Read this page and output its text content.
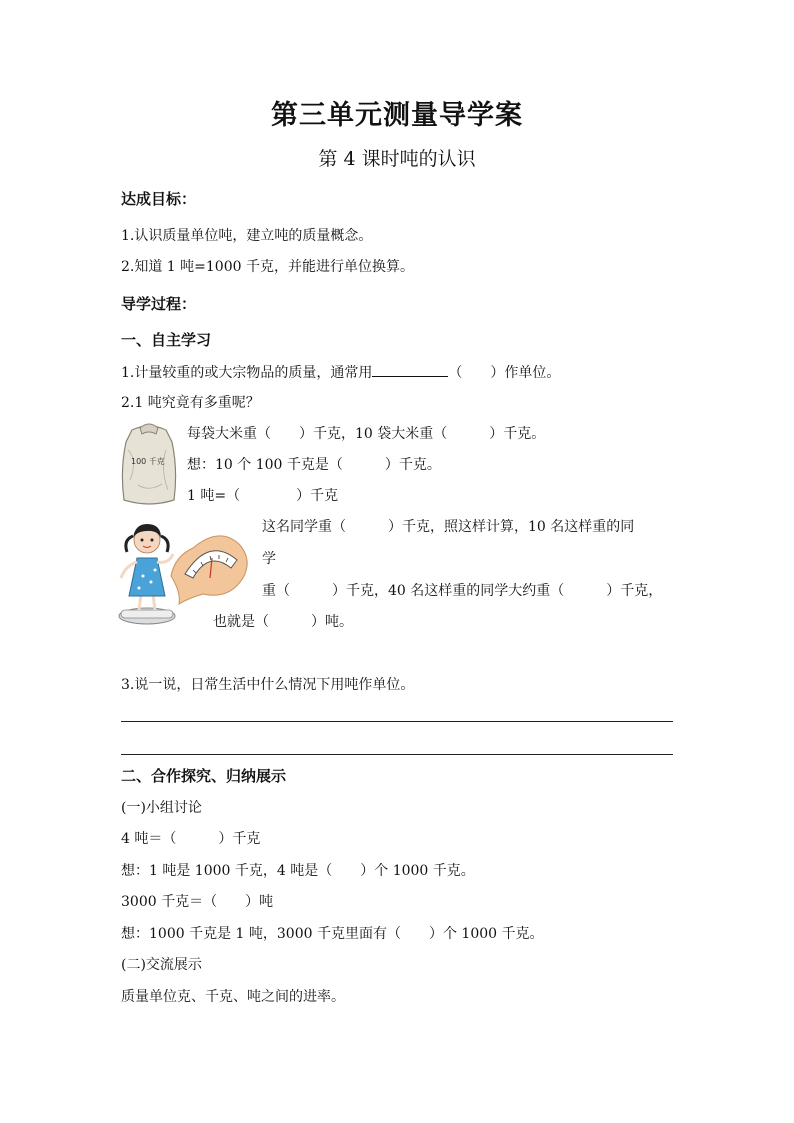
第三单元测量导学案
第 4 课时吨的认识
达成目标：
1.认识质量单位吨，建立吨的质量概念。
2.知道 1 吨=1000 千克，并能进行单位换算。
导学过程：
一、自主学习
1.计量较重的或大宗物品的质量，通常用	（　　）作单位。
2.1 吨究竟有多重呢？
100 千克
每袋大米重（　　）千克，10 袋大米重（　　　）千克。
想：10 个 100 千克是（　　　）千克。
1 吨=（　　　　）千克
这名同学重（　　　）千克，照这样计算，10 名这样重的同
学
重（　　　）千克，40 名这样重的同学大约重（　　　）千克，
也就是（　　　）吨。
3.说一说，日常生活中什么情况下用吨作单位。
二、合作探究、归纳展示
(一)小组讨论
4 吨＝（　　　）千克
想：1 吨是 1000 千克，4 吨是（　　）个 1000 千克。
3000 千克＝（　　）吨
想：1000 千克是 1 吨，3000 千克里面有（　　）个 1000 千克。
(二)交流展示
质量单位克、千克、吨之间的进率。
